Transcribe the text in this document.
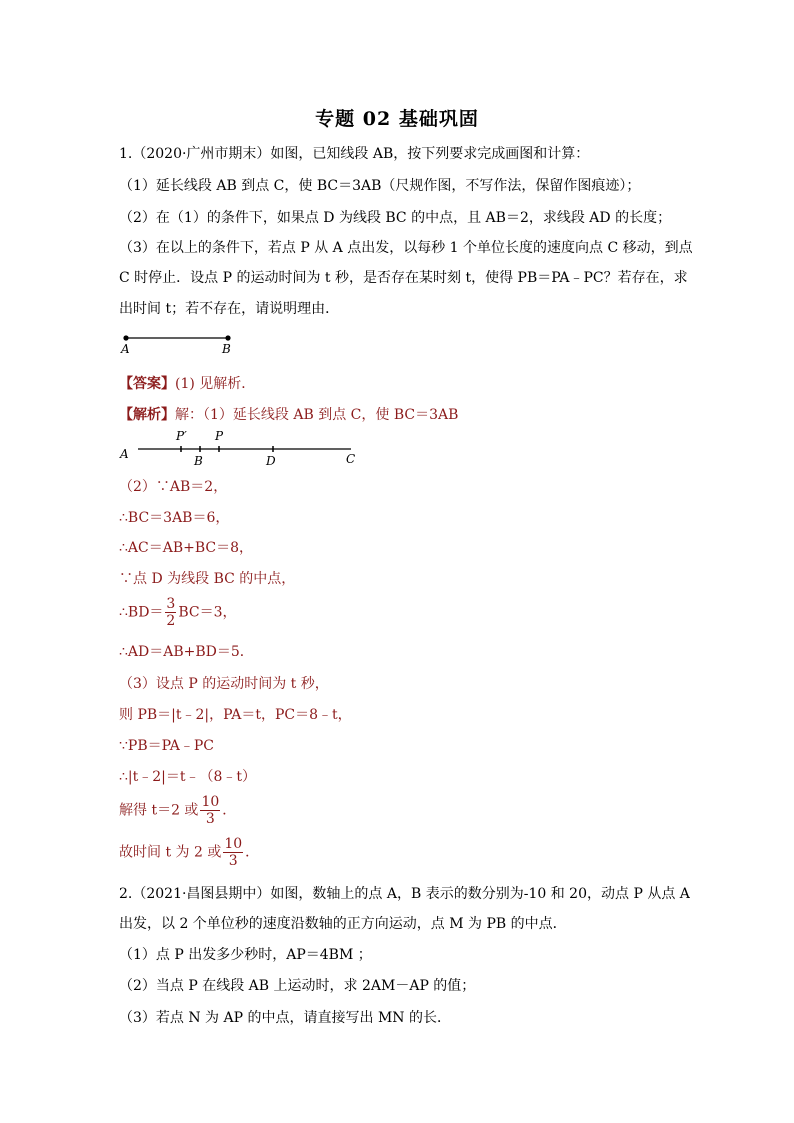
专题 02 基础巩固
1.（2020·广州市期末）如图，已知线段 AB，按下列要求完成画图和计算：
（1）延长线段 AB 到点 C，使 BC＝3AB（尺规作图，不写作法，保留作图痕迹）；
（2）在（1）的条件下，如果点 D 为线段 BC 的中点，且 AB＝2，求线段 AD 的长度；
（3）在以上的条件下，若点 P 从 A 点出发，以每秒 1 个单位长度的速度向点 C 移动，到点
C 时停止．设点 P 的运动时间为 t 秒，是否存在某时刻 t，使得 PB＝PA﹣PC？若存在，求
出时间 t；若不存在，请说明理由．
A	B
【答案】(1) 见解析．
【解析】解：（1）延长线段 AB 到点 C，使 BC＝3AB
A
P′ P
B	D	C
（2）∵AB＝2，
∴BC＝3AB＝6，
∴AC＝AB+BC＝8，
∵点 D 为线段 BC 的中点，
∴BD＝ $\frac{3}{2} BC=3$，
∴AD＝AB+BD＝5．
（3）设点 P 的运动时间为 t 秒，
则 PB＝|t﹣2|，PA＝t，PC＝8﹣t，
∵PB＝PA﹣PC
∴|t﹣2|＝t﹣（8﹣t）
解得 t＝2 或 $\frac{10}{3}$ ．
故时间 t 为 2 或 $\frac{10}{3}$ ．
2.（2021·昌图县期中）如图，数轴上的点 A，B 表示的数分别为-10 和 20，动点 P 从点 A
出发，以 2 个单位秒的速度沿数轴的正方向运动，点 M 为 PB 的中点．
（1）点 P 出发多少秒时，AP＝4BM ；
（2）当点 P 在线段 AB 上运动时，求 2AM－AP 的值；
（3）若点 N 为 AP 的中点，请直接写出 MN 的长．
